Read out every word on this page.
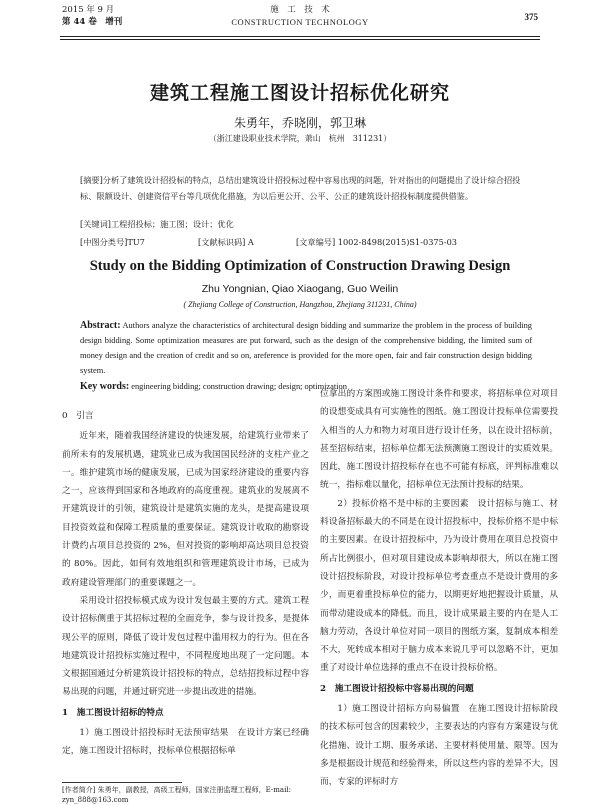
2015 年 9 月
第 44 卷　增刊
施　工　技　术
CONSTRUCTION TECHNOLOGY	375
建筑工程施工图设计招标优化研究
朱勇年，乔晓刚，郭卫琳
（浙江建设职业技术学院，萧山　杭州　311231）
[摘要]分析了建筑设计招投标的特点，总结出建筑设计招投标过程中容易出现的问题，针对指出的问题提出了设计综合招投标、限额设计、创建资信平台等几项优化措施，为以后更公开、公平、公正的建筑设计招投标制度提供借鉴。
[关键词]工程招投标；施工图；设计；优化
[中图分类号]TU7	[文献标识码] A	[文章编号] 1002-8498(2015)S1-0375-03
Study on the Bidding Optimization of Construction Drawing Design
Zhu Yongnian, Qiao Xiaogang, Guo Weilin
( Zhejiang College of Construction, Hangzhou, Zhejiang 311231, China)
Abstract: Authors analyze the characteristics of architectural design bidding and summarize the problem in the process of building design bidding. Some optimization measures are put forward, such as the design of the comprehensive bidding, the limited sum of money design and the creation of credit and so on, areference is provided for the more open, fair and fair construction design bidding system.
Key words: engineering bidding; construction drawing; design; optimization

0　引言

近年来，随着我国经济建设的快速发展，给建筑行业带来了前所未有的发展机遇，建筑业已成为我国国民经济的支柱产业之一。维护建筑市场的健康发展，已成为国家经济建设的重要内容之一，应该得到国家和各地政府的高度重视。建筑业的发展离不开建筑设计的引领，建筑设计是建筑实施的龙头，是提高建设项目投资效益和保障工程质量的重要保证。建筑设计收取的勘察设计费约占项目总投资的 2%，但对投资的影响却高达项目总投资的 80%。因此，如何有效地组织和管理建筑设计市场，已成为政府建设管理部门的重要课题之一。

采用设计招投标模式成为设计发包最主要的方式。建筑工程设计招标侧重于其招标过程的全面竞争，参与设计投多，是提体现公平的原则，降低了设计发包过程中滥用权力的行为。但在各地建筑设计招投标实施过程中，不同程度地出现了一定问题。本文根据国通过分析建筑设计招投标的特点，总结招投标过程中容易出现的问题，并通过研究进一步提出改进的措施。

1　施工图设计招标的特点

1）施工图设计招投标时无法预审结果　在设计方案已经确定，施工图设计招标时，投标单位根据招标单

[作者简介] 朱勇年，副教授，高级工程师，国家注册监理工程师，E-mail: zyn_888@163.com

位拿出的方案图或施工图设计条件和要求，将招标单位对项目的设想变成具有可实施性的图纸。施工图设计投标单位需要投入相当的人力和物力对项目进行设计任务，以在设计招标前，甚至招标结束，招标单位都无法预测施工图设计的实质效果。因此，施工图设计招投标存在也不可能有标底，评判标准难以统一，指标难以量化，招标单位无法预计投标的结果。

2）投标价格不是中标的主要因素　设计招标与施工、材料设备招标最大的不同是在设计招投标中，投标价格不是中标的主要因素。在设计招投标中，乃为设计费用在项目总投资中所占比例很小，但对项目建设成本影响却很大，所以在施工图设计招投标阶段，对设计投标单位考查重点不是设计费用的多少，而更着重投标单位的能力，以期更好地把握设计质量，从而带动建设成本的降低。而且，设计成果最主要的内在是人工脑力劳动，各设计单位对同一项目的图纸方案，复制成本相差不大，死转成本相对于脑力成本来说几乎可以忽略不计，更加重了对设计单位选择的重点不在设计投标价格。

2　施工图设计招投标中容易出现的问题

1）施工图设计招标方向易偏置　在施工图设计招标阶段的技术标可包含的因素较少，主要表达的内容有方案建设与优化措施、设计工期、服务承诺、主要材料使用量、限等。因为多是根据设计规范和经验得来，所以这些内容的差异不大，因而，专家的评标时方
